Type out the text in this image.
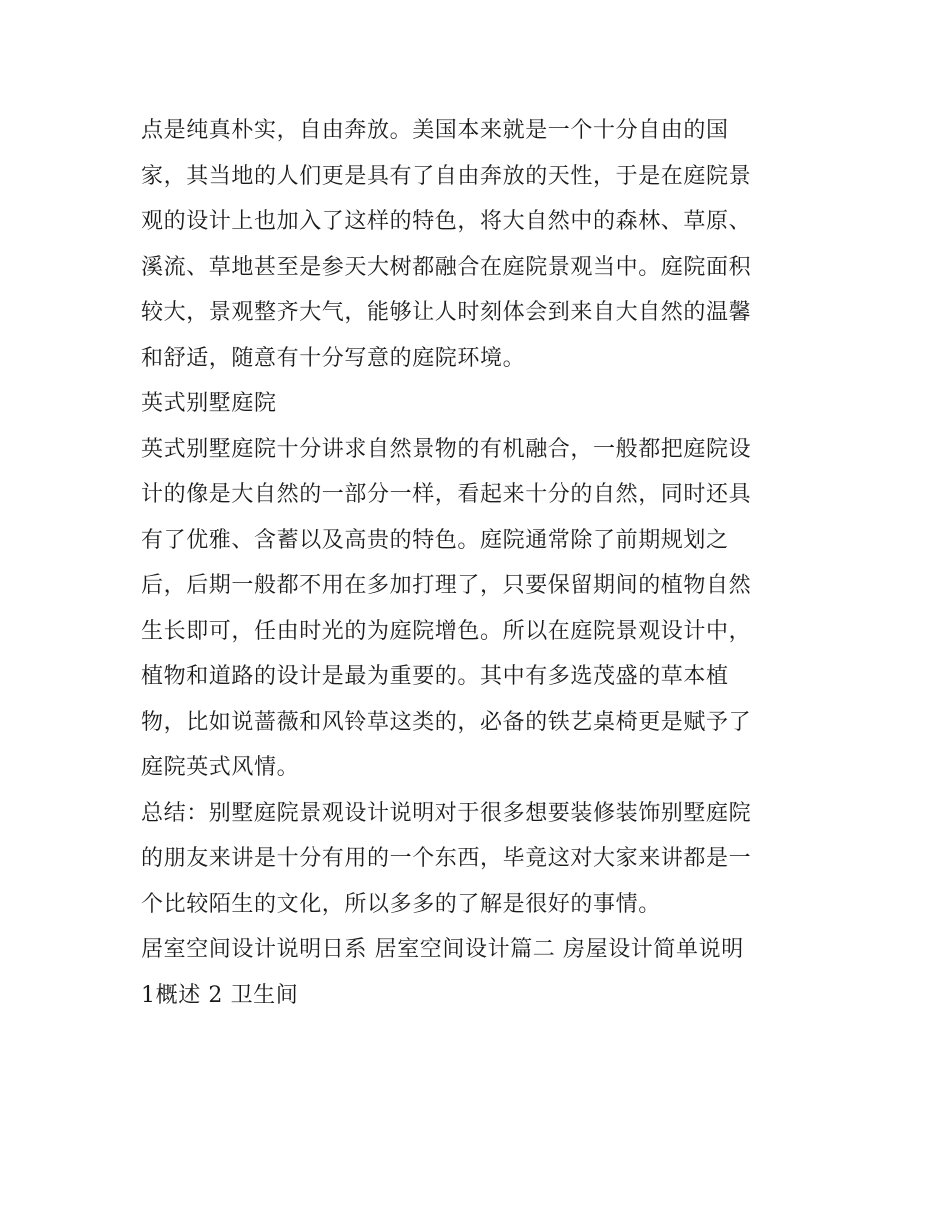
点是纯真朴实，自由奔放。美国本来就是一个十分自由的国
家，其当地的人们更是具有了自由奔放的天性，于是在庭院景
观的设计上也加入了这样的特色，将大自然中的森林、草原、
溪流、草地甚至是参天大树都融合在庭院景观当中。庭院面积
较大，景观整齐大气，能够让人时刻体会到来自大自然的温馨
和舒适，随意有十分写意的庭院环境。
英式别墅庭院
英式别墅庭院十分讲求自然景物的有机融合，一般都把庭院设
计的像是大自然的一部分一样，看起来十分的自然，同时还具
有了优雅、含蓄以及高贵的特色。庭院通常除了前期规划之
后，后期一般都不用在多加打理了，只要保留期间的植物自然
生长即可，任由时光的为庭院增色。所以在庭院景观设计中，
植物和道路的设计是最为重要的。其中有多选茂盛的草本植
物，比如说蔷薇和风铃草这类的，必备的铁艺桌椅更是赋予了
庭院英式风情。
总结：别墅庭院景观设计说明对于很多想要装修装饰别墅庭院
的朋友来讲是十分有用的一个东西，毕竟这对大家来讲都是一
个比较陌生的文化，所以多多的了解是很好的事情。
居室空间设计说明日系 居室空间设计篇二 房屋设计简单说明
1概述 2 卫生间
